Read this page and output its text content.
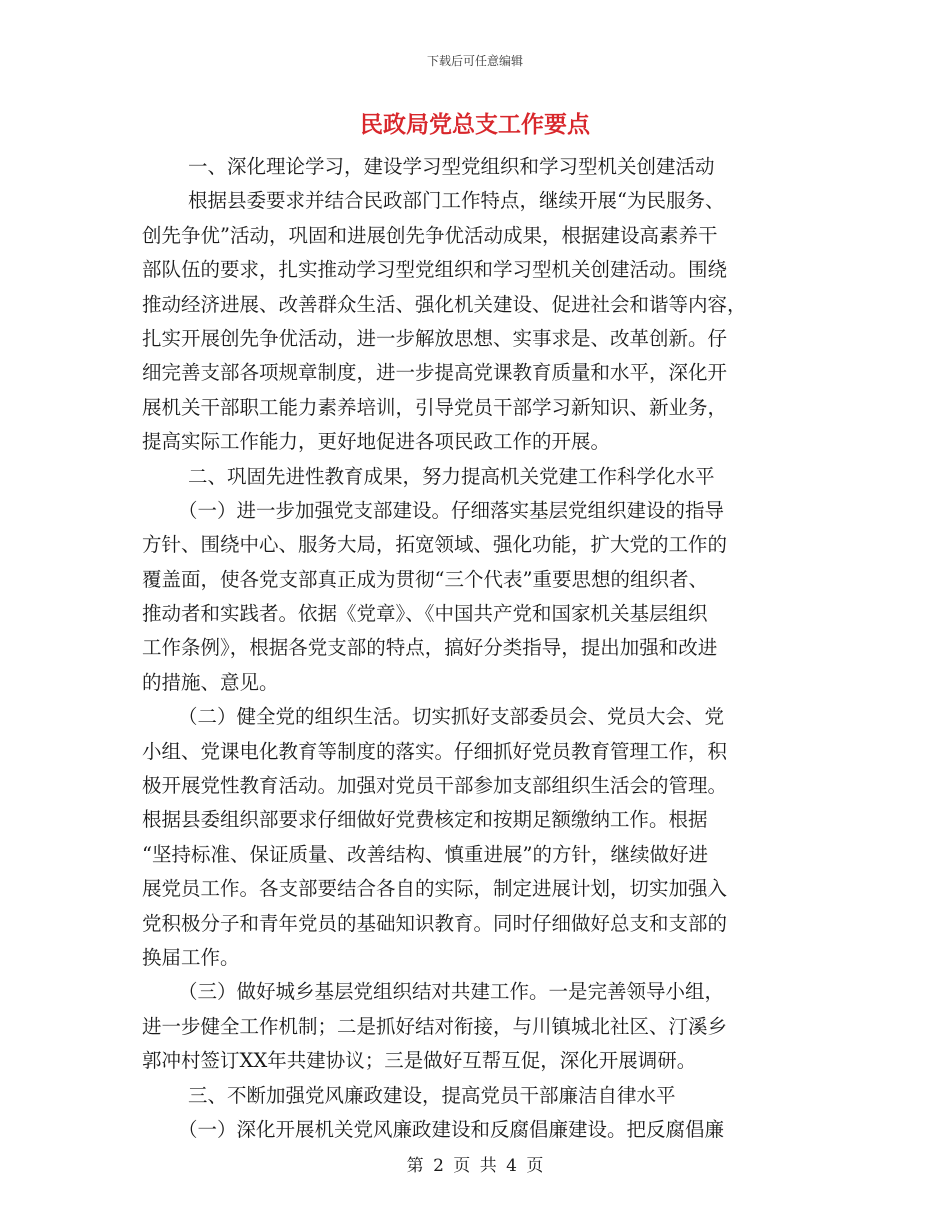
下载后可任意编辑
民政局党总支工作要点
一、深化理论学习，建设学习型党组织和学习型机关创建活动
根据县委要求并结合民政部门工作特点，继续开展“为民服务、
创先争优”活动，巩固和进展创先争优活动成果，根据建设高素养干
部队伍的要求，扎实推动学习型党组织和学习型机关创建活动。围绕
推动经济进展、改善群众生活、强化机关建设、促进社会和谐等内容，
扎实开展创先争优活动，进一步解放思想、实事求是、改革创新。仔
细完善支部各项规章制度，进一步提高党课教育质量和水平，深化开
展机关干部职工能力素养培训，引导党员干部学习新知识、新业务，
提高实际工作能力，更好地促进各项民政工作的开展。
二、巩固先进性教育成果，努力提高机关党建工作科学化水平
（一）进一步加强党支部建设。仔细落实基层党组织建设的指导
方针、围绕中心、服务大局，拓宽领域、强化功能，扩大党的工作的
覆盖面，使各党支部真正成为贯彻“三个代表”重要思想的组织者、
推动者和实践者。依据《党章》、《中国共产党和国家机关基层组织
工作条例》，根据各党支部的特点，搞好分类指导，提出加强和改进
的措施、意见。
（二）健全党的组织生活。切实抓好支部委员会、党员大会、党
小组、党课电化教育等制度的落实。仔细抓好党员教育管理工作，积
极开展党性教育活动。加强对党员干部参加支部组织生活会的管理。
根据县委组织部要求仔细做好党费核定和按期足额缴纳工作。根据
“坚持标准、保证质量、改善结构、慎重进展”的方针，继续做好进
展党员工作。各支部要结合各自的实际，制定进展计划，切实加强入
党积极分子和青年党员的基础知识教育。同时仔细做好总支和支部的
换届工作。
（三）做好城乡基层党组织结对共建工作。一是完善领导小组，
进一步健全工作机制；二是抓好结对衔接，与川镇城北社区、汀溪乡
郭冲村签订XX年共建协议；三是做好互帮互促，深化开展调研。
三、不断加强党风廉政建设，提高党员干部廉洁自律水平
（一）深化开展机关党风廉政建设和反腐倡廉建设。把反腐倡廉
第 2 页 共 4 页
